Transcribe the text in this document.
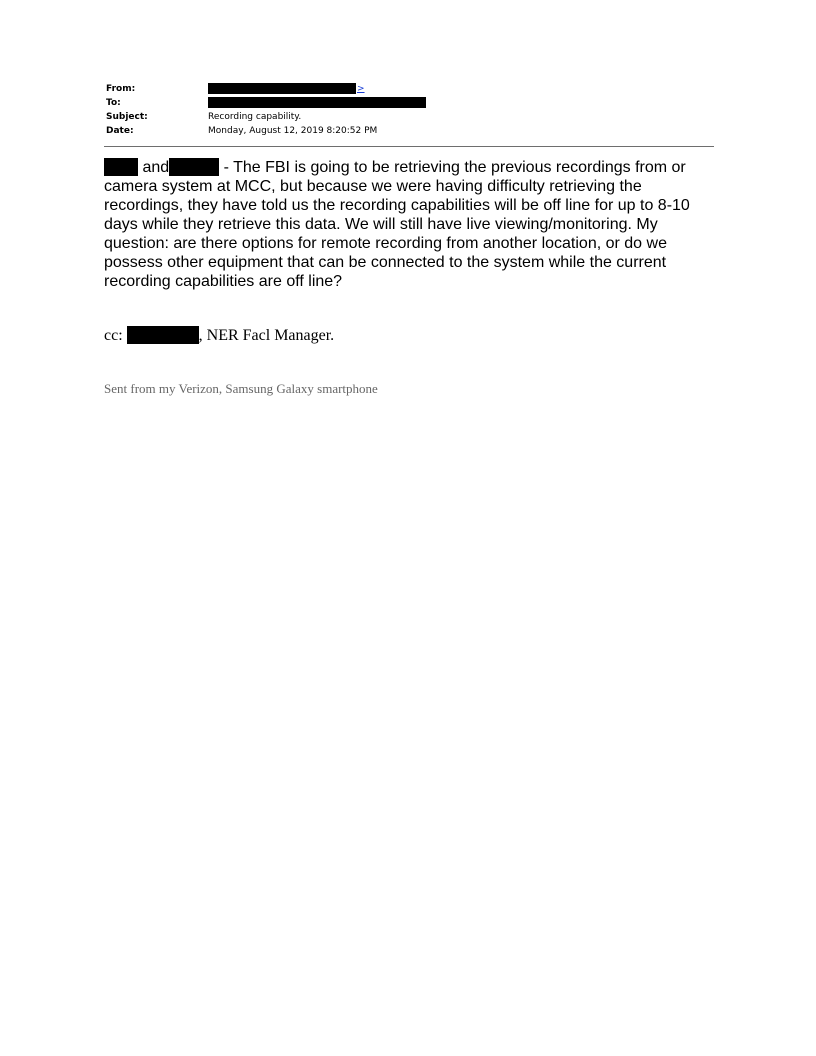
From:	>
To:
Subject:	Recording capability.
Date:	Monday, August 12, 2019 8:20:52 PM
and	- The FBI is going to be retrieving the previous recordings from or camera system at MCC, but because we were having difficulty retrieving the recordings, they have told us the recording capabilities will be off line for up to 8-10 days while they retrieve this data. We will still have live viewing/monitoring. My question: are there options for remote recording from another location, or do we possess other equipment that can be connected to the system while the current recording capabilities are off line?
cc:	, NER Facl Manager.
Sent from my Verizon, Samsung Galaxy smartphone
